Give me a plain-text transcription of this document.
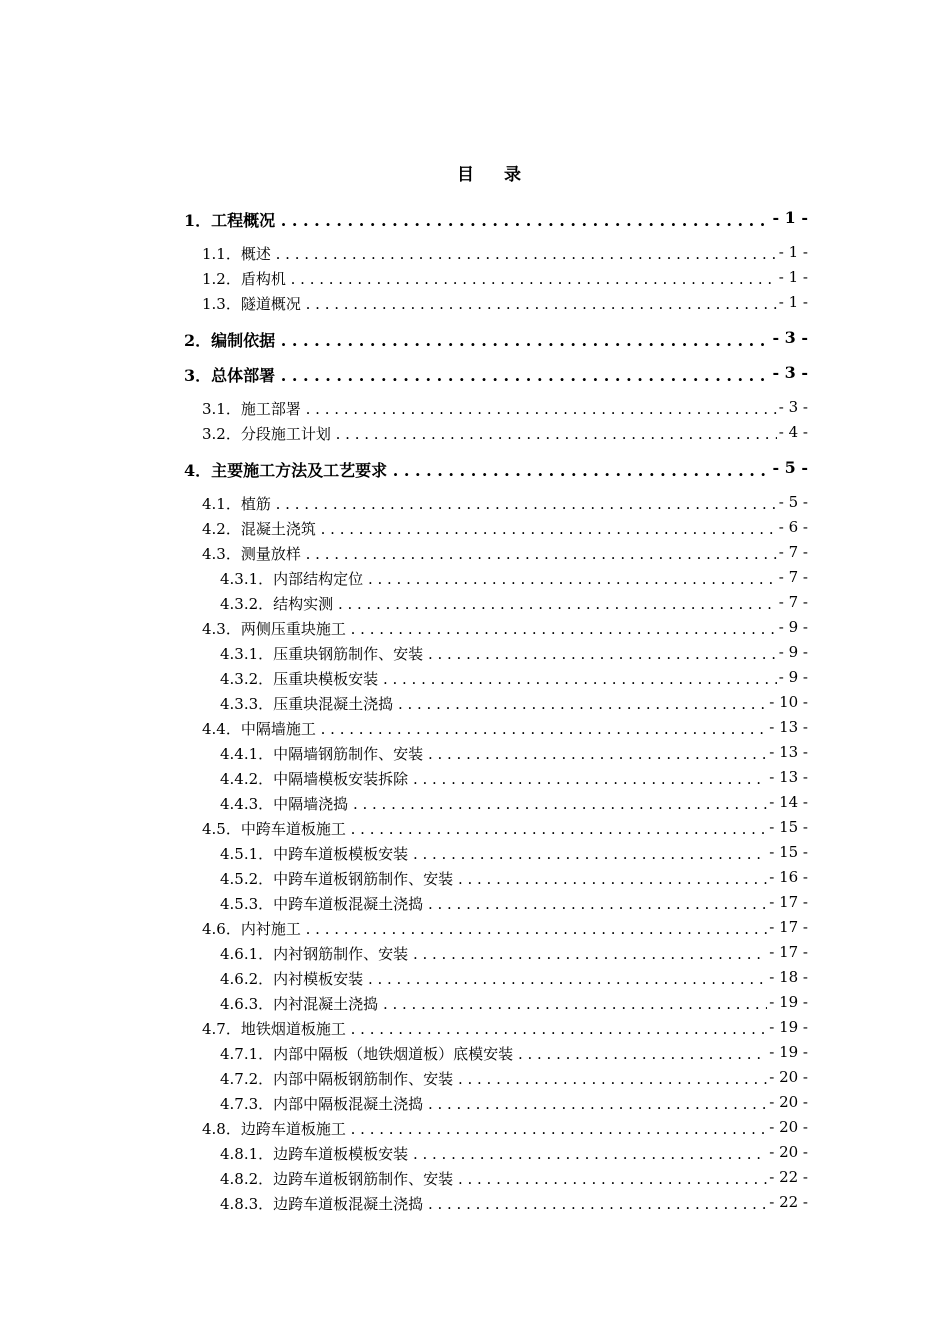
目 录
1．工程概况 . . .	- 1 -
1.1．概述 . . .	- 1 -
1.2．盾构机 . . .	- 1 -
1.3．隧道概况 . . .	- 1 -
2．编制依据 . . .	- 3 -
3．总体部署 . . .	- 3 -
3.1．施工部署 . . .	- 3 -
3.2．分段施工计划 . . .	- 4 -
4．主要施工方法及工艺要求 . . .	- 5 -
4.1．植筋 . . .	- 5 -
4.2．混凝土浇筑 . . .	- 6 -
4.3．测量放样 . . .	- 7 -
4.3.1．内部结构定位 . . .	- 7 -
4.3.2．结构实测 . . .	- 7 -
4.3．两侧压重块施工 . . .	- 9 -
4.3.1．压重块钢筋制作、安装 . . .	- 9 -
4.3.2．压重块模板安装 . . .	- 9 -
4.3.3．压重块混凝土浇捣 . . .	- 10 -
4.4．中隔墙施工 . . .	- 13 -
4.4.1．中隔墙钢筋制作、安装 . . .	- 13 -
4.4.2．中隔墙模板安装拆除 . . .	- 13 -
4.4.3．中隔墙浇捣 . . .	- 14 -
4.5．中跨车道板施工 . . .	- 15 -
4.5.1．中跨车道板模板安装 . . .	- 15 -
4.5.2．中跨车道板钢筋制作、安装 . . .	- 16 -
4.5.3．中跨车道板混凝土浇捣 . . .	- 17 -
4.6．内衬施工 . . .	- 17 -
4.6.1．内衬钢筋制作、安装 . . .	- 17 -
4.6.2．内衬模板安装 . . .	- 18 -
4.6.3．内衬混凝土浇捣 . . .	- 19 -
4.7．地铁烟道板施工 . . .	- 19 -
4.7.1．内部中隔板（地铁烟道板）底模安装 . . .	- 19 -
4.7.2．内部中隔板钢筋制作、安装 . . .	- 20 -
4.7.3．内部中隔板混凝土浇捣 . . .	- 20 -
4.8．边跨车道板施工 . . .	- 20 -
4.8.1．边跨车道板模板安装 . . .	- 20 -
4.8.2．边跨车道板钢筋制作、安装 . . .	- 22 -
4.8.3．边跨车道板混凝土浇捣 . . .	- 22 -
